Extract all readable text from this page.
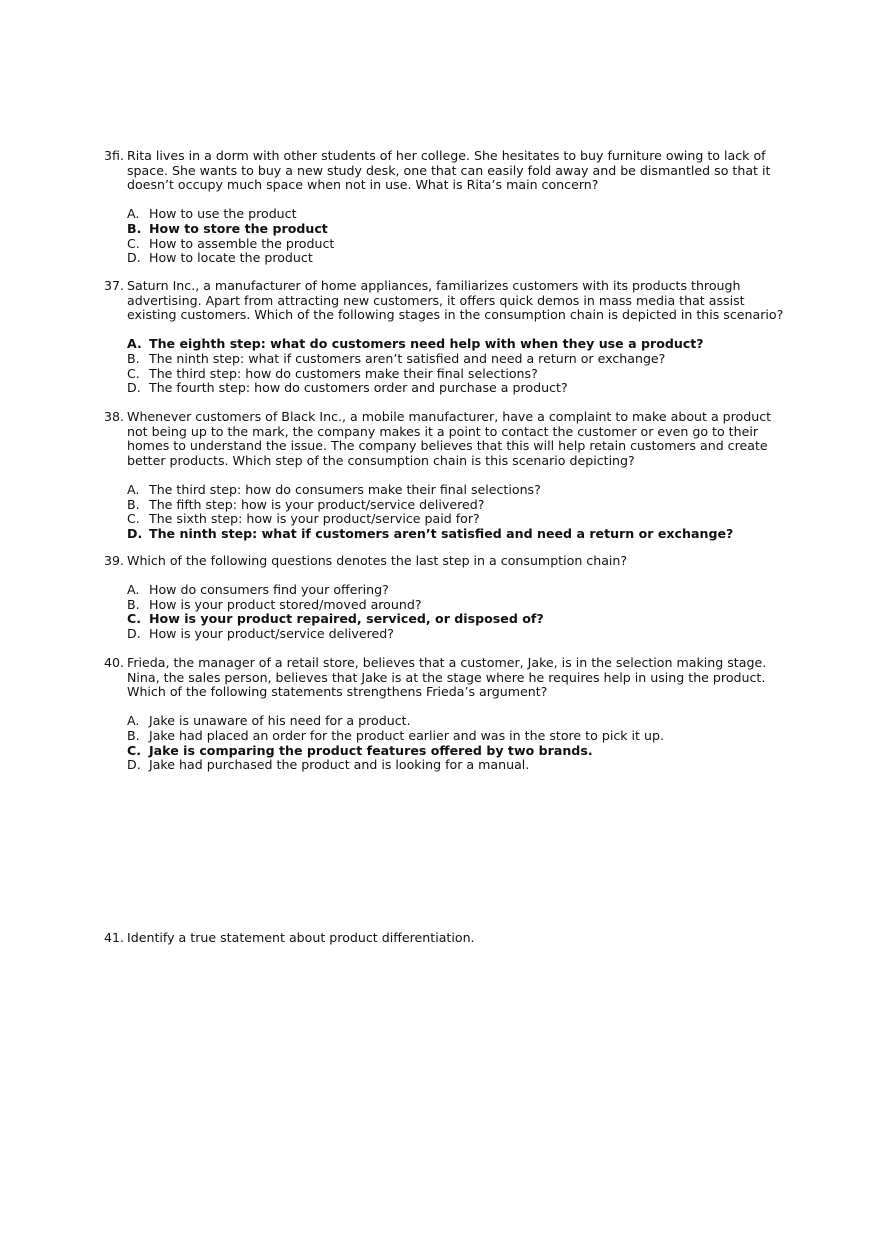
3fi. Rita lives in a dorm with other students of her college. She hesitates to buy furniture owing to lack of space. She wants to buy a new study desk, one that can easily fold away and be dismantled so that it doesn’t occupy much space when not in use. What is Rita’s main concern?
A. How to use the product
B. How to store the product
C. How to assemble the product
D. How to locate the product
37. Saturn Inc., a manufacturer of home appliances, familiarizes customers with its products through advertising. Apart from attracting new customers, it offers quick demos in mass media that assist existing customers. Which of the following stages in the consumption chain is depicted in this scenario?
A. The eighth step: what do customers need help with when they use a product?
B. The ninth step: what if customers aren’t satisfied and need a return or exchange?
C. The third step: how do customers make their final selections?
D. The fourth step: how do customers order and purchase a product?
38. Whenever customers of Black Inc., a mobile manufacturer, have a complaint to make about a product not being up to the mark, the company makes it a point to contact the customer or even go to their homes to understand the issue. The company believes that this will help retain customers and create better products. Which step of the consumption chain is this scenario depicting?
A. The third step: how do consumers make their final selections?
B. The fifth step: how is your product/service delivered?
C. The sixth step: how is your product/service paid for?
D. The ninth step: what if customers aren’t satisfied and need a return or exchange?
39. Which of the following questions denotes the last step in a consumption chain?
A. How do consumers find your offering?
B. How is your product stored/moved around?
C. How is your product repaired, serviced, or disposed of?
D. How is your product/service delivered?
40. Frieda, the manager of a retail store, believes that a customer, Jake, is in the selection making stage. Nina, the sales person, believes that Jake is at the stage where he requires help in using the product. Which of the following statements strengthens Frieda’s argument?
A. Jake is unaware of his need for a product.
B. Jake had placed an order for the product earlier and was in the store to pick it up.
C. Jake is comparing the product features offered by two brands.
D. Jake had purchased the product and is looking for a manual.
41. Identify a true statement about product differentiation.
